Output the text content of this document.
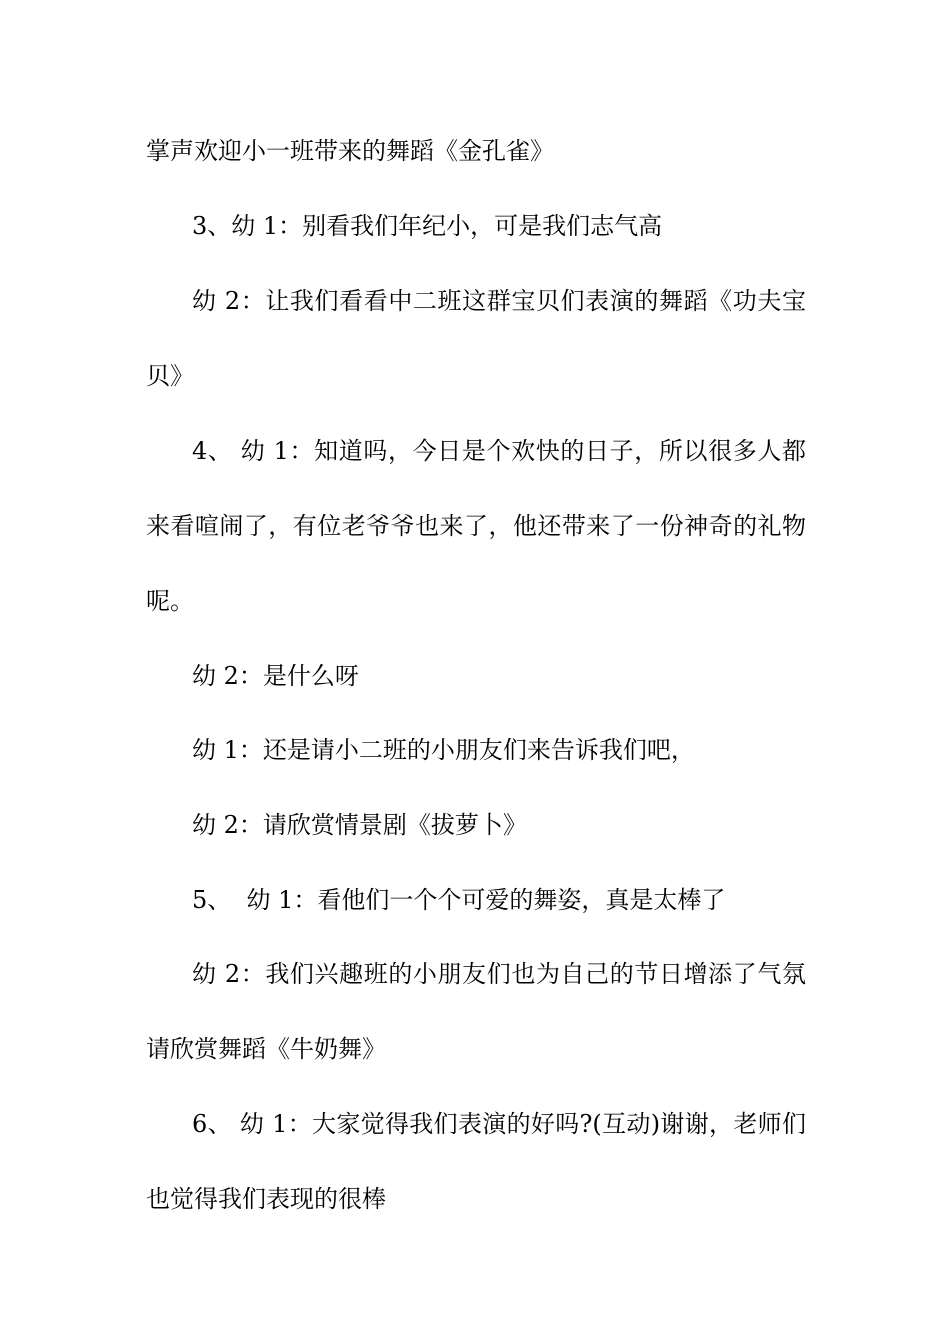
掌声欢迎小一班带来的舞蹈《金孔雀》
3、幼 1：别看我们年纪小，可是我们志气高
幼 2：让我们看看中二班这群宝贝们表演的舞蹈《功夫宝
贝》
4、 幼 1：知道吗，今日是个欢快的日子，所以很多人都
来看喧闹了，有位老爷爷也来了，他还带来了一份神奇的礼物
呢。
幼 2：是什么呀
幼 1：还是请小二班的小朋友们来告诉我们吧，
幼 2：请欣赏情景剧《拔萝卜》
5、  幼 1：看他们一个个可爱的舞姿，真是太棒了
幼 2：我们兴趣班的小朋友们也为自己的节日增添了气氛
请欣赏舞蹈《牛奶舞》
6、 幼 1：大家觉得我们表演的好吗?(互动)谢谢，老师们
也觉得我们表现的很棒
